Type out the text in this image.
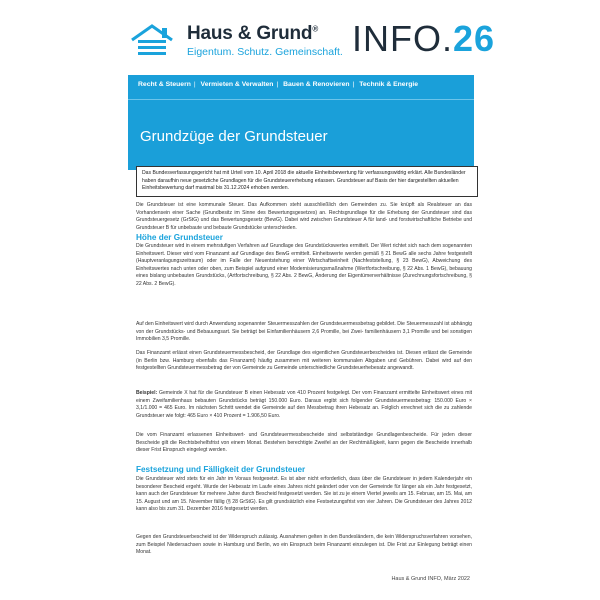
Haus & Grund®
Eigentum. Schutz. Gemeinschaft. INFO.26
Recht & Steuern | Vermieten & Verwalten | Bauen & Renovieren | Technik & Energie
Grundzüge der Grundsteuer
Das Bundesverfassungsgericht hat mit Urteil vom 10. April 2018 die aktuelle Einheitsbewertung für verfassungswidrig erklärt. Alle Bundesländer haben daraufhin neue gesetzliche Grundlagen für die Grundsteuererhebung erlassen. Grundsteuer auf Basis der hier dargestellten aktuellen Einheitsbewertung darf maximal bis 31.12.2024 erhoben werden.
Die Grundsteuer ist eine kommunale Steuer. Das Aufkommen steht ausschließlich den Gemeinden zu. Sie knüpft als Realsteuer an das Vorhandensein einer Sache (Grundbesitz im Sinne des Bewertungsgesetzes) an. Rechtsgrundlage für die Erhebung der Grundsteuer sind das Grundsteuergesetz (GrStG) und das Bewertungsgesetz (BewG). Dabei wird zwischen Grundsteuer A für land- und forstwirtschaftliche Betriebe und Grundsteuer B für unbebaute und bebaute Grundstücke unterschieden.
Höhe der Grundsteuer
Die Grundsteuer wird in einem mehrstufigen Verfahren auf Grundlage des Grundstückswertes ermittelt. Der Wert richtet sich nach dem sogenannten Einheitswert. Dieser wird vom Finanzamt auf Grundlage des BewG ermittelt. Einheitswerte werden gemäß § 21 BewG alle sechs Jahre festgestellt (Hauptveranlagungszeitraum) oder im Falle der Neuentstehung einer Wirtschaftseinheit (Nachfeststellung, § 23 BewG), Abweichung des Einheitswertes nach unten oder oben, zum Beispiel aufgrund einer Modernisierungsmaßnahme (Wertfortschreibung, § 22 Abs. 1 BewG), bebauung eines bislang unbebauten Grundstücks, (Artfortschreibung, § 22 Abs. 2 BewG, Änderung der Eigentümerverhältnisse (Zurechnungsfortschreibung, § 22 Abs. 2 BewG).
Auf den Einheitswert wird durch Anwendung sogenannter Steuermesszahlen der Grundsteuermessbetrag gebildet. Die Steuermesszahl ist abhängig von der Grundstücks- und Bebauungsart. Sie beträgt bei Einfamilienhäusern 2,6 Promille, bei Zwei- familienhäusern 3,1 Promille und bei sonstigen Immobilien 3,5 Promille.
Das Finanzamt erlässt einen Grundsteuermessbescheid, der Grundlage des eigentlichen Grundsteuerbescheides ist. Diesen erlässt die Gemeinde (in Berlin bzw. Hamburg ebenfalls das Finanzamt) häufig zusammen mit weiteren kommunalen Abgaben und Gebühren. Dabei wird auf den festgestellten Grundsteuermessbetrag der von Gemeinde zu Gemeinde unterschiedliche Grundsteuerhebesatz angewandt.
Beispiel: Gemeinde X hat für die Grundsteuer B einen Hebesatz von 410 Prozent festgelegt. Der vom Finanzamt ermittelte Einheitswert eines mit einem Zweifamilienhaus bebauten Grundstücks beträgt 150.000 Euro. Daraus ergibt sich folgender Grundsteuermessbetrag: 150.000 Euro × 3,1/1.000 = 465 Euro. Im nächsten Schritt wendet die Gemeinde auf den Messbetrag ihren Hebesatz an. Folglich errechnet sich die zu zahlende Grundsteuer wie folgt: 465 Euro × 410 Prozent = 1.906,50 Euro.
Die vom Finanzamt erlassenen Einheitswert- und Grundsteuermessbescheide sind selbstständige Grundlagenbescheide. Für jeden dieser Bescheide gilt die Rechtsbehelfsfrist von einem Monat. Bestehen berechtigte Zweifel an der Rechtmäßigkeit, kann gegen die Bescheide innerhalb dieser Frist Einspruch eingelegt werden.
Festsetzung und Fälligkeit der Grundsteuer
Die Grundsteuer wird stets für ein Jahr im Voraus festgesetzt. Es ist aber nicht erforderlich, dass über die Grundsteuer in jedem Kalenderjahr ein besonderer Bescheid ergeht. Wurde der Hebesatz im Laufe eines Jahres nicht geändert oder von der Gemeinde für länger als ein Jahr festgesetzt, kann auch der Grundsteuer für mehrere Jahre durch Bescheid festgesetzt werden. Sie ist zu je einem Viertel jeweils am 15. Februar, am 15. Mai, am 15. August und am 15. November fällig (§ 28 GrStG). Es gilt grundsätzlich eine Festsetzungsfrist von vier Jahren. Die Grundsteuer des Jahres 2012 kann also bis zum 31. Dezember 2016 festgesetzt werden.
Gegen den Grundsteuerbescheid ist der Widerspruch zulässig. Ausnahmen gelten in den Bundesländern, die kein Widerspruchsverfahren vorsehen, zum Beispiel Niedersachsen sowie in Hamburg und Berlin, wo ein Einspruch beim Finanzamt einzulegen ist. Die Frist zur Einlegung beträgt einen Monat.
Haus & Grund INFO, März 2022
